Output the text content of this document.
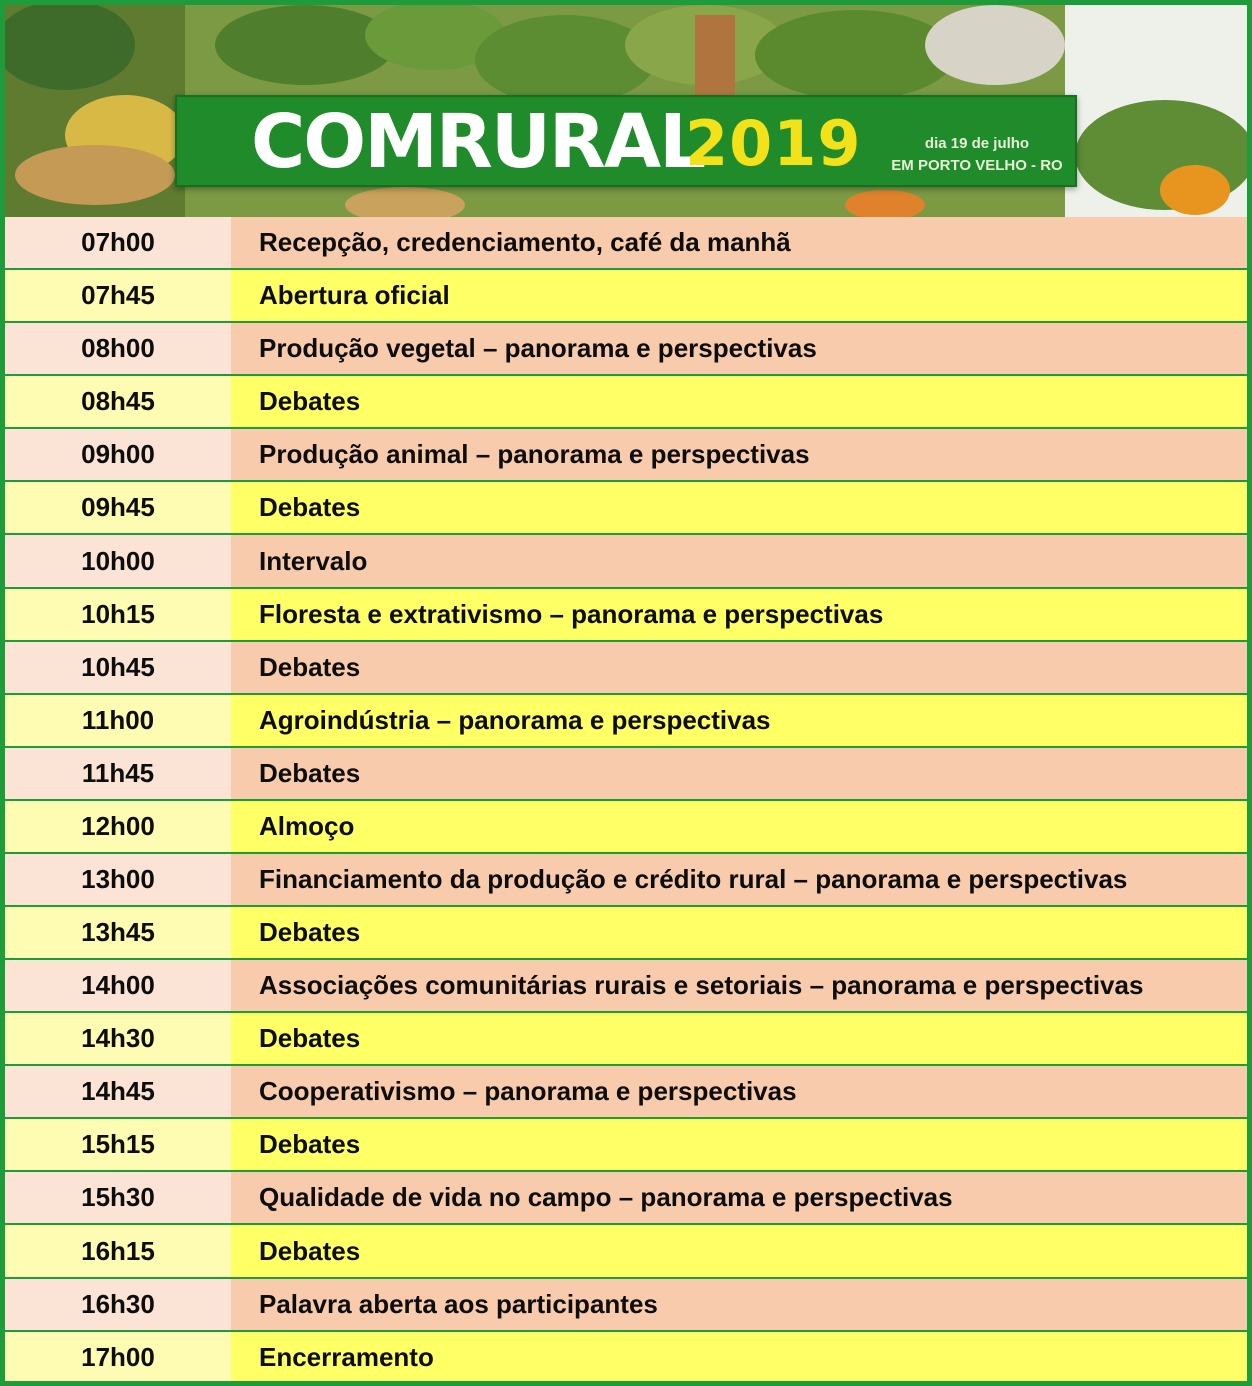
COMRURAL
2019	dia 19 de julho
EM PORTO VELHO - RO
07h00	Recepção, credenciamento, café da manhã
07h45	Abertura oficial
08h00	Produção vegetal – panorama e perspectivas
08h45	Debates
09h00	Produção animal – panorama e perspectivas
09h45	Debates
10h00	Intervalo
10h15	Floresta e extrativismo – panorama e perspectivas
10h45	Debates
11h00	Agroindústria – panorama e perspectivas
11h45	Debates
12h00	Almoço
13h00	Financiamento da produção e crédito rural – panorama e perspectivas
13h45	Debates
14h00	Associações comunitárias rurais e setoriais – panorama e perspectivas
14h30	Debates
14h45	Cooperativismo – panorama e perspectivas
15h15	Debates
15h30	Qualidade de vida no campo – panorama e perspectivas
16h15	Debates
16h30	Palavra aberta aos participantes
17h00	Encerramento
